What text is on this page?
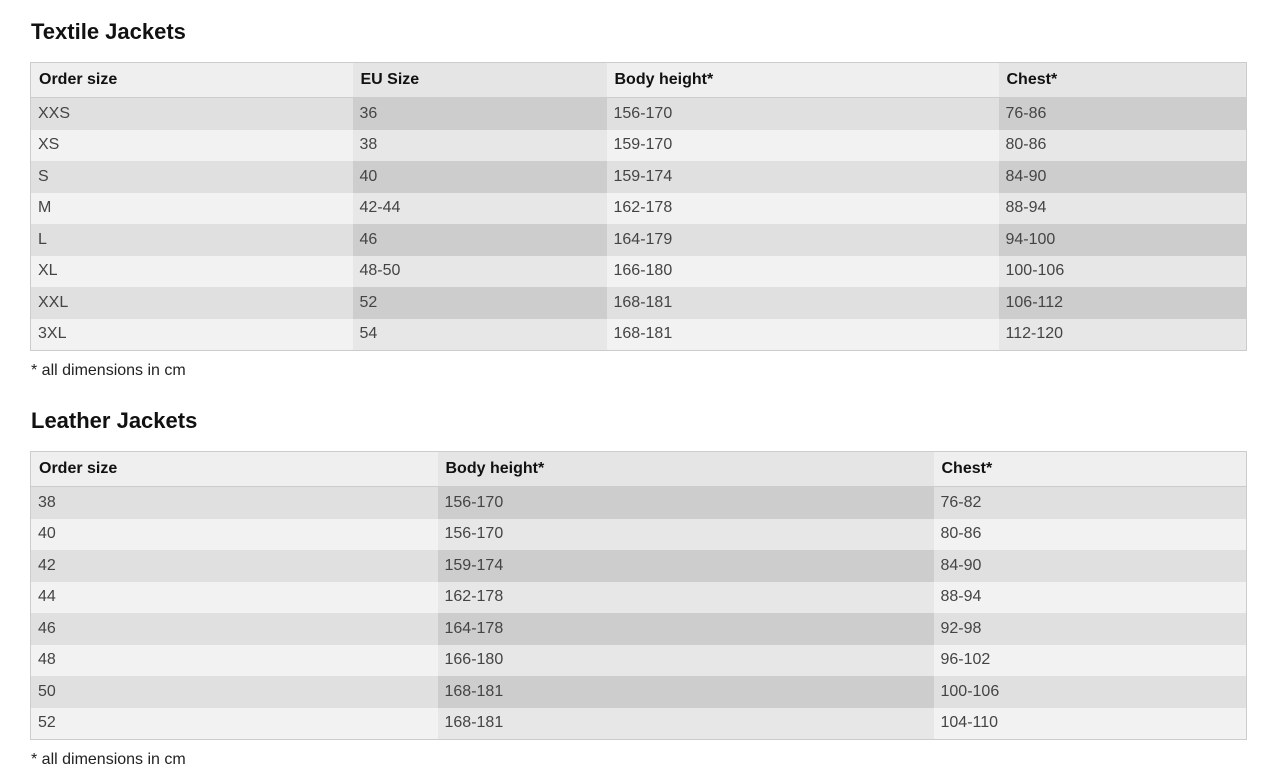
Textile Jackets
Order size	EU Size	Body height*	Chest*
XXS	36	156-170	76-86
XS	38	159-170	80-86
S	40	159-174	84-90
M	42-44	162-178	88-94
L	46	164-179	94-100
XL	48-50	166-180	100-106
XXL	52	168-181	106-112
3XL	54	168-181	112-120

* all dimensions in cm

Leather Jackets
Order size	Body height*	Chest*
38	156-170	76-82
40	156-170	80-86
42	159-174	84-90
44	162-178	88-94
46	164-178	92-98
48	166-180	96-102
50	168-181	100-106
52	168-181	104-110

* all dimensions in cm
